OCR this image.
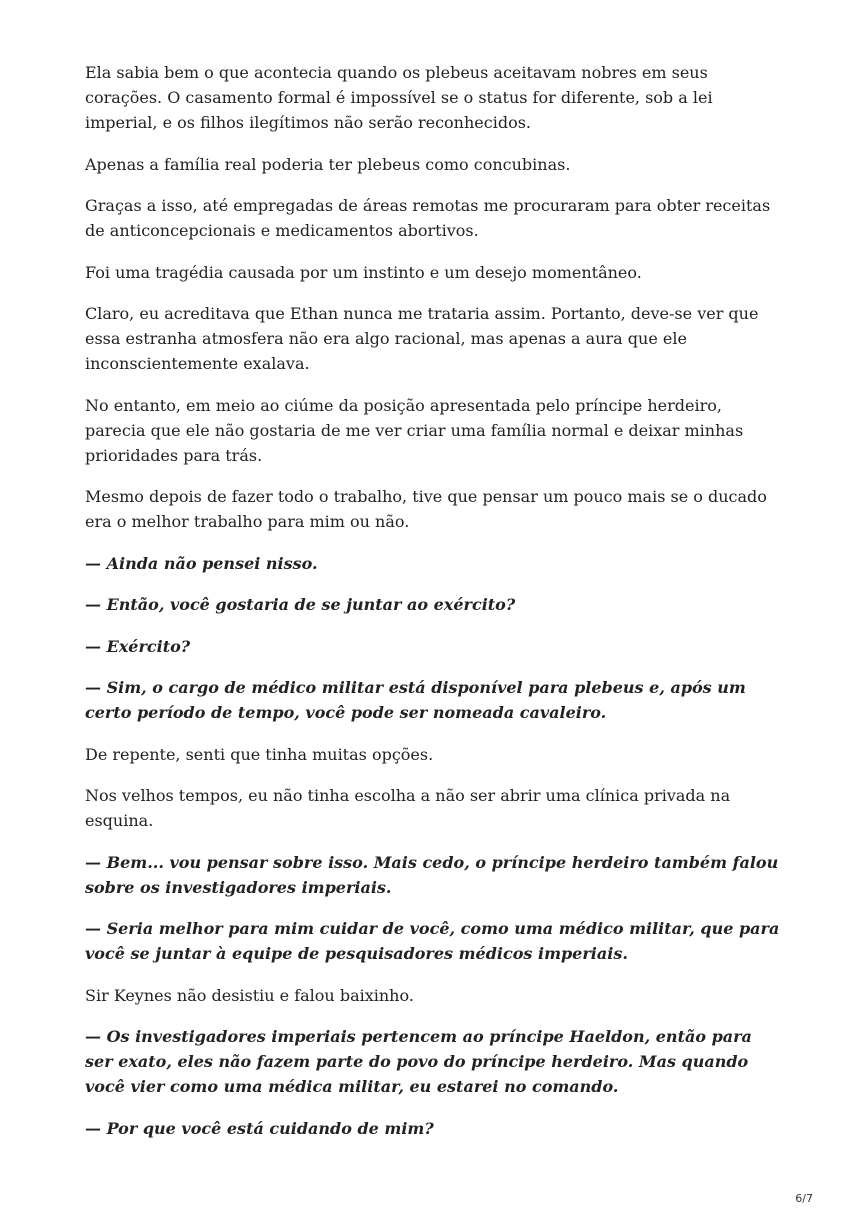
Ela sabia bem o que acontecia quando os plebeus aceitavam nobres em seus corações. O casamento formal é impossível se o status for diferente, sob a lei imperial, e os filhos ilegítimos não serão reconhecidos.

Apenas a família real poderia ter plebeus como concubinas.

Graças a isso, até empregadas de áreas remotas me procuraram para obter receitas de anticoncepcionais e medicamentos abortivos.

Foi uma tragédia causada por um instinto e um desejo momentâneo.

Claro, eu acreditava que Ethan nunca me trataria assim. Portanto, deve-se ver que essa estranha atmosfera não era algo racional, mas apenas a aura que ele inconscientemente exalava.

No entanto, em meio ao ciúme da posição apresentada pelo príncipe herdeiro, parecia que ele não gostaria de me ver criar uma família normal e deixar minhas prioridades para trás.

Mesmo depois de fazer todo o trabalho, tive que pensar um pouco mais se o ducado era o melhor trabalho para mim ou não.

— Ainda não pensei nisso.

— Então, você gostaria de se juntar ao exército?

— Exército?

— Sim, o cargo de médico militar está disponível para plebeus e, após um certo período de tempo, você pode ser nomeada cavaleiro.

De repente, senti que tinha muitas opções.

Nos velhos tempos, eu não tinha escolha a não ser abrir uma clínica privada na esquina.

— Bem... vou pensar sobre isso. Mais cedo, o príncipe herdeiro também falou sobre os investigadores imperiais.

— Seria melhor para mim cuidar de você, como uma médico militar, que para você se juntar à equipe de pesquisadores médicos imperiais.

Sir Keynes não desistiu e falou baixinho.

— Os investigadores imperiais pertencem ao príncipe Haeldon, então para ser exato, eles não fazem parte do povo do príncipe herdeiro. Mas quando você vier como uma médica militar, eu estarei no comando.

— Por que você está cuidando de mim?

6/7
